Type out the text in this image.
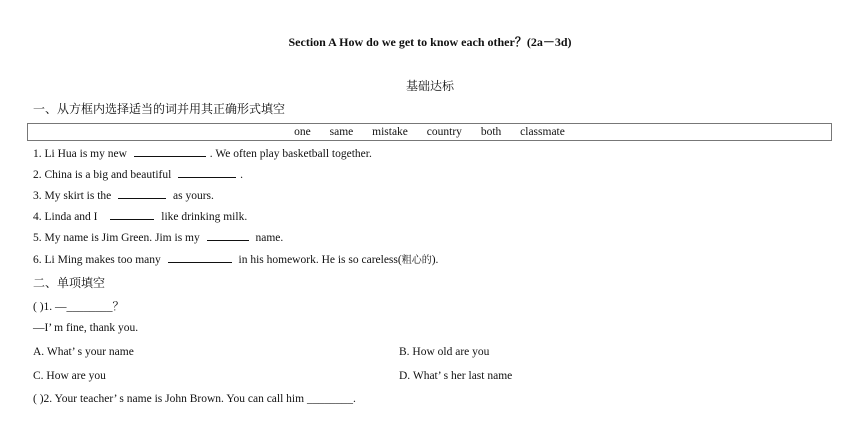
Section A How do we get to know each other？(2a－3d)
基础达标
一、从方框内选择适当的词并用其正确形式填空
one same mistake country both classmate
1. Li Hua is my new	. We often play basketball together.
2. China is a big and beautiful	.
3. My skirt is the	as yours.
4. Linda and I	like drinking milk.
5. My name is Jim Green. Jim is my	name.
6. Li Ming makes too many	in his homework. He is so careless(粗心的).
二、单项填空
( )1. —________？
—I’ m fine, thank you.
A. What’ s your name	B. How old are you
C. How are you	D. What’ s her last name
( )2. Your teacher’ s name is John Brown. You can call him ________.
